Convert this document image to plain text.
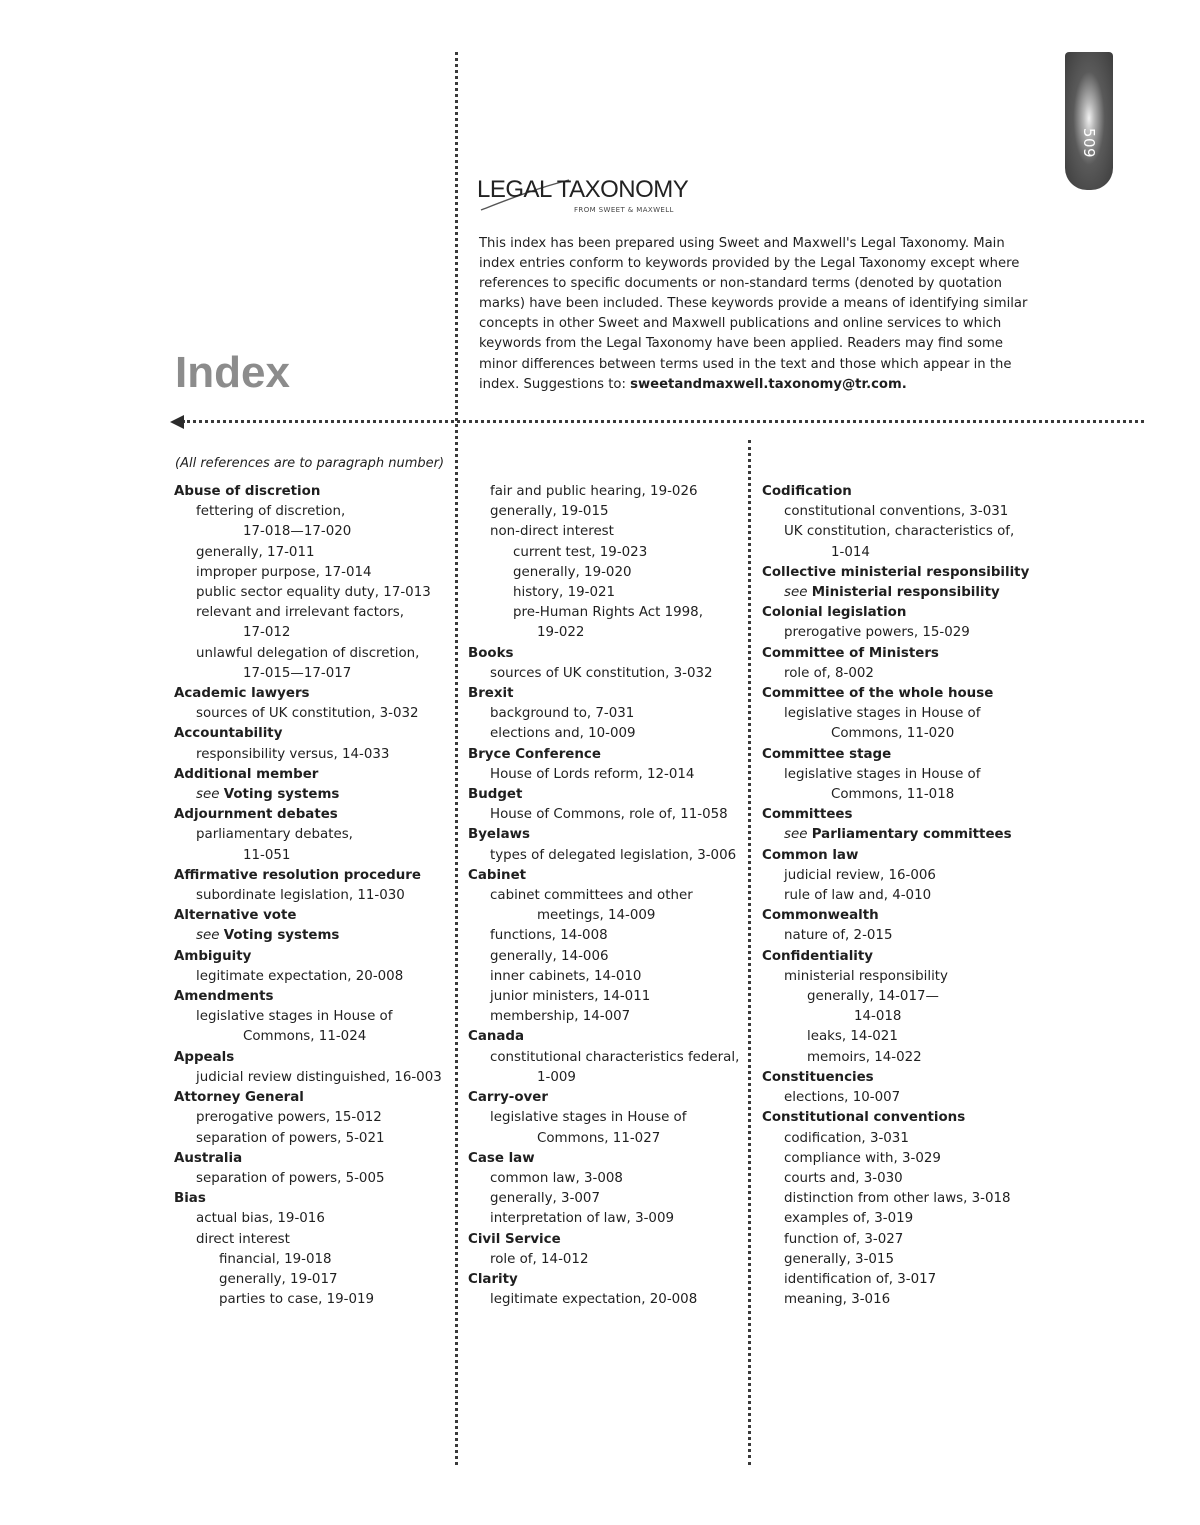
509
LEGAL TAXONOMY
FROM SWEET & MAXWELL
This index has been prepared using Sweet and Maxwell's Legal Taxonomy. Main index entries conform to keywords provided by the Legal Taxonomy except where references to specific documents or non-standard terms (denoted by quotation marks) have been included. These keywords provide a means of identifying similar concepts in other Sweet and Maxwell publications and online services to which keywords from the Legal Taxonomy have been applied. Readers may find some minor differences between terms used in the text and those which appear in the index. Suggestions to: sweetandmaxwell.taxonomy@tr.com.
Index
(All references are to paragraph number)

Abuse of discretion

fettering of discretion,

17-018—17-020

generally, 17-011

improper purpose, 17-014

public sector equality duty, 17-013

relevant and irrelevant factors,

17-012

unlawful delegation of discretion,

17-015—17-017

Academic lawyers

sources of UK constitution, 3-032

Accountability

responsibility versus, 14-033

Additional member

see Voting systems

Adjournment debates

parliamentary debates,

11-051

Affirmative resolution procedure

subordinate legislation, 11-030

Alternative vote

see Voting systems

Ambiguity

legitimate expectation, 20-008

Amendments

legislative stages in House of

Commons, 11-024

Appeals

judicial review distinguished, 16-003

Attorney General

prerogative powers, 15-012

separation of powers, 5-021

Australia

separation of powers, 5-005

Bias

actual bias, 19-016

direct interest

financial, 19-018

generally, 19-017

parties to case, 19-019

fair and public hearing, 19-026

generally, 19-015

non-direct interest

current test, 19-023

generally, 19-020

history, 19-021

pre-Human Rights Act 1998,

19-022

Books

sources of UK constitution, 3-032

Brexit

background to, 7-031

elections and, 10-009

Bryce Conference

House of Lords reform, 12-014

Budget

House of Commons, role of, 11-058

Byelaws

types of delegated legislation, 3-006

Cabinet

cabinet committees and other

meetings, 14-009

functions, 14-008

generally, 14-006

inner cabinets, 14-010

junior ministers, 14-011

membership, 14-007

Canada

constitutional characteristics federal,

1-009

Carry-over

legislative stages in House of

Commons, 11-027

Case law

common law, 3-008

generally, 3-007

interpretation of law, 3-009

Civil Service

role of, 14-012

Clarity

legitimate expectation, 20-008

Codification

constitutional conventions, 3-031

UK constitution, characteristics of,

1-014

Collective ministerial responsibility

see Ministerial responsibility

Colonial legislation

prerogative powers, 15-029

Committee of Ministers

role of, 8-002

Committee of the whole house

legislative stages in House of

Commons, 11-020

Committee stage

legislative stages in House of

Commons, 11-018

Committees

see Parliamentary committees

Common law

judicial review, 16-006

rule of law and, 4-010

Commonwealth

nature of, 2-015

Confidentiality

ministerial responsibility

generally, 14-017—

14-018

leaks, 14-021

memoirs, 14-022

Constituencies

elections, 10-007

Constitutional conventions

codification, 3-031

compliance with, 3-029

courts and, 3-030

distinction from other laws, 3-018

examples of, 3-019

function of, 3-027

generally, 3-015

identification of, 3-017

meaning, 3-016
